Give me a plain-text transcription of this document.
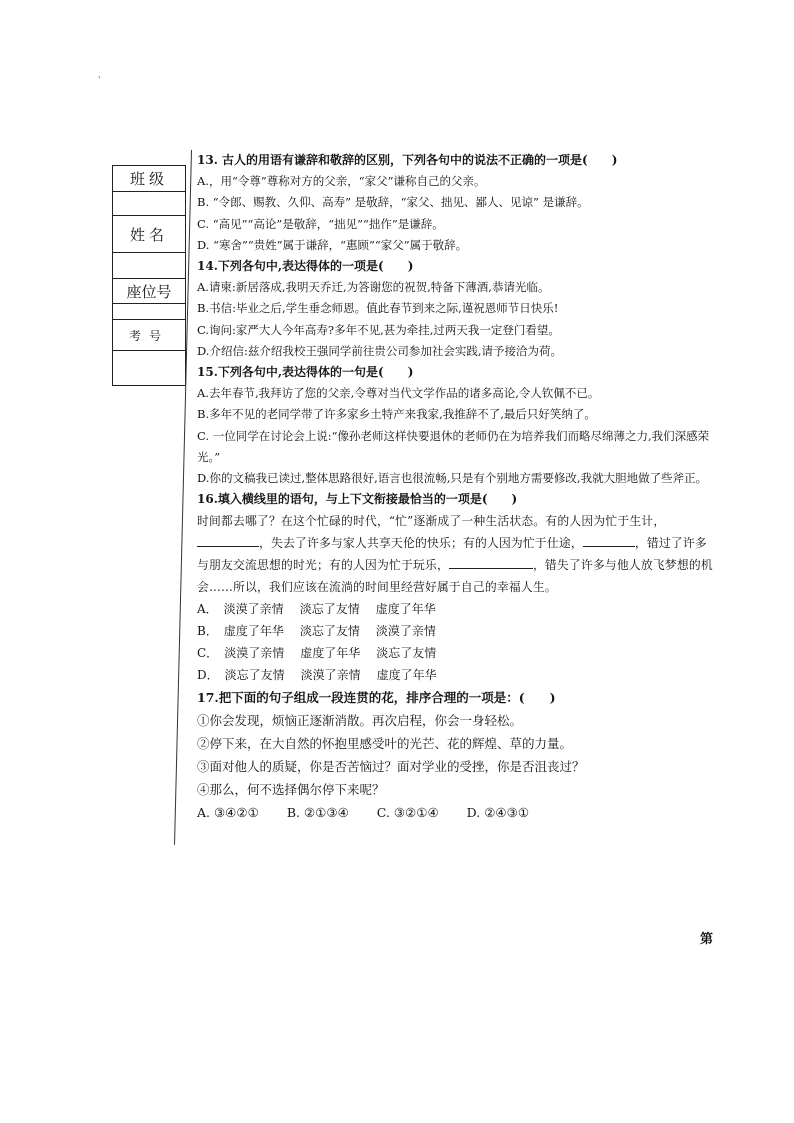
'
班级

姓名

座位号

考号

13. 古人的用语有谦辞和敬辞的区别，下列各句中的说法不正确的一项是(　　)
A.，用“令尊”尊称对方的父亲，“家父”谦称自己的父亲。
B. “令郎、赐教、久仰、高寿” 是敬辞，“家父、拙见、鄙人、见谅” 是谦辞。
C. “高见”“高论”是敬辞，“拙见”“拙作”是谦辞。
D. “寒舍”“贵姓”属于谦辞，“惠顾”“家父”属于敬辞。
14.下列各句中,表达得体的一项是(　　)
A.请柬:新居落成,我明天乔迁,为答谢您的祝贺,特备下薄酒,恭请光临。
B.书信:毕业之后,学生垂念师恩。值此春节到来之际,谨祝恩师节日快乐!
C.询问:家严大人今年高寿?多年不见,甚为牵挂,过两天我一定登门看望。
D.介绍信:兹介绍我校王强同学前往贵公司参加社会实践,请予接洽为荷。
15.下列各句中,表达得体的一句是(　　)
A.去年春节,我拜访了您的父亲,令尊对当代文学作品的诸多高论,令人钦佩不已。
B.多年不见的老同学带了许多家乡土特产来我家,我推辞不了,最后只好笑纳了。
C. 一位同学在讨论会上说:“像孙老师这样快要退休的老师仍在为培养我们而略尽绵薄之力,我们深感荣光。”
D.你的文稿我已读过,整体思路很好,语言也很流畅,只是有个别地方需要修改,我就大胆地做了些斧正。
16.填入横线里的语句，与上下文衔接最恰当的一项是(　　)
时间都去哪了？在这个忙碌的时代，“忙”逐渐成了一种生活状态。有的人因为忙于生计，，失去了许多与家人共享天伦的快乐；有的人因为忙于仕途，	，错过了许多与朋友交流思想的时光；有的人因为忙于玩乐，	，错失了许多与他人放飞梦想的机会……所以，我们应该在流淌的时间里经营好属于自己的幸福人生。
A． 淡漠了亲情 淡忘了友情 虚度了年华
B． 虚度了年华 淡忘了友情 淡漠了亲情
C． 淡漠了亲情 虚度了年华 淡忘了友情
D． 淡忘了友情 淡漠了亲情 虚度了年华
17.把下面的句子组成一段连贯的花，排序合理的一项是：(　　)
①你会发现，烦恼正逐渐消散。再次启程，你会一身轻松。
②停下来，在大自然的怀抱里感受叶的光芒、花的辉煌、草的力量。
③面对他人的质疑，你是否苦恼过？面对学业的受挫，你是否沮丧过？
④那么，何不选择偶尔停下来呢？
A. ③④②① B. ②①③④ C. ③②①④ D. ②④③①
第
